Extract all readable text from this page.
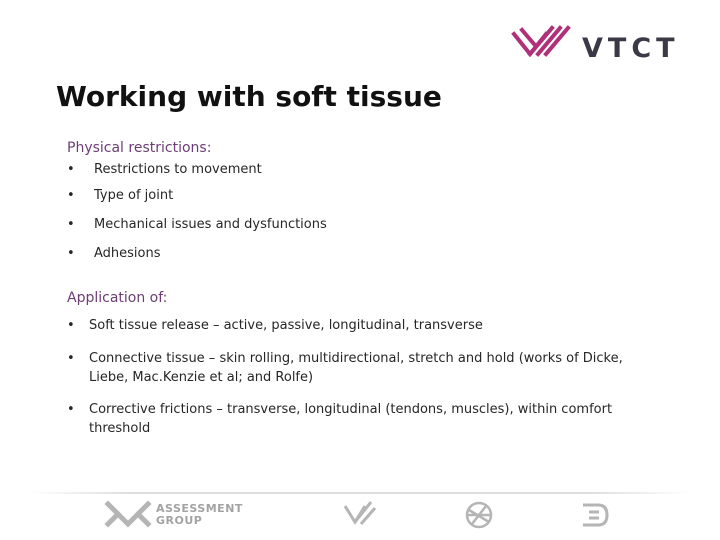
VTCT
Working with soft tissue
Physical restrictions:
• Restrictions to movement
• Type of joint
• Mechanical issues and dysfunctions
• Adhesions
Application of:
• Soft tissue release – active, passive, longitudinal, transverse
• Connective tissue – skin rolling, multidirectional, stretch and hold (works of Dicke, Liebe, Mac.Kenzie et al; and Rolfe)
• Corrective frictions – transverse, longitudinal (tendons, muscles), within comfort threshold
ASSESSMENT
GROUP
